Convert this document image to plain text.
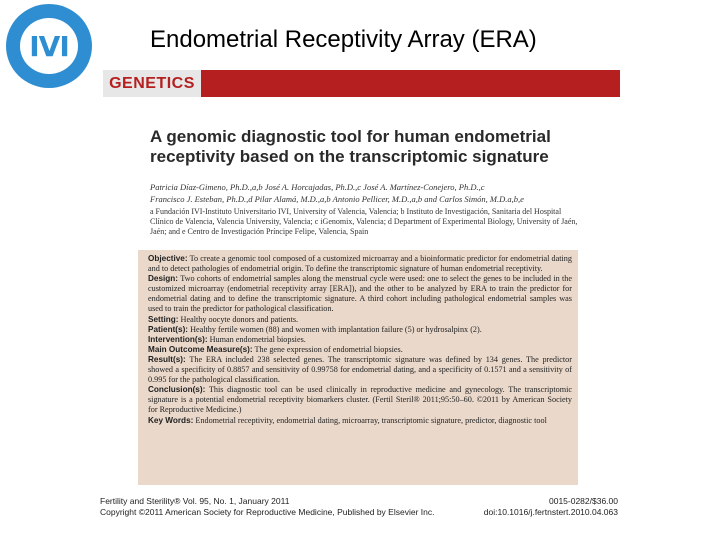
IVI	Endometrial Receptivity Array (ERA)
GENETICS
A genomic diagnostic tool for human endometrial
receptivity based on the transcriptomic signature
Patricia Díaz-Gimeno, Ph.D.,a,b José A. Horcajadas, Ph.D.,c José A. Martínez-Conejero, Ph.D.,c
Francisco J. Esteban, Ph.D.,d Pilar Alamá, M.D.,a,b Antonio Pellicer, M.D.,a,b and Carlos Simón, M.D.a,b,e
a Fundación IVI-Instituto Universitario IVI, University of Valencia, Valencia; b Instituto de Investigación, Sanitaria del Hospital Clínico de Valencia, Valencia University, Valencia; c iGenomix, Valencia; d Department of Experimental Biology, University of Jaén, Jaén; and e Centro de Investigación Príncipe Felipe, Valencia, Spain

Objective: To create a genomic tool composed of a customized microarray and a bioinformatic predictor for endometrial dating and to detect pathologies of endometrial origin. To define the transcriptomic signature of human endometrial receptivity.

Design: Two cohorts of endometrial samples along the menstrual cycle were used: one to select the genes to be included in the customized microarray (endometrial receptivity array [ERA]), and the other to be analyzed by ERA to train the predictor for endometrial dating and to define the transcriptomic signature. A third cohort including pathological endometrial samples was used to train the predictor for pathological classification.

Setting: Healthy oocyte donors and patients.

Patient(s): Healthy fertile women (88) and women with implantation failure (5) or hydrosalpinx (2).

Intervention(s): Human endometrial biopsies.

Main Outcome Measure(s): The gene expression of endometrial biopsies.

Result(s): The ERA included 238 selected genes. The transcriptomic signature was defined by 134 genes. The predictor showed a specificity of 0.8857 and sensitivity of 0.99758 for endometrial dating, and a specificity of 0.1571 and a sensitivity of 0.995 for the pathological classification.

Conclusion(s): This diagnostic tool can be used clinically in reproductive medicine and gynecology. The transcriptomic signature is a potential endometrial receptivity biomarkers cluster. (Fertil Steril® 2011;95:50–60. ©2011 by American Society for Reproductive Medicine.)

Key Words: Endometrial receptivity, endometrial dating, microarray, transcriptomic signature, predictor, diagnostic tool

Fertility and Sterility® Vol. 95, No. 1, January 2011	0015-0282/$36.00
Copyright ©2011 American Society for Reproductive Medicine, Published by Elsevier Inc.	doi:10.1016/j.fertnstert.2010.04.063
